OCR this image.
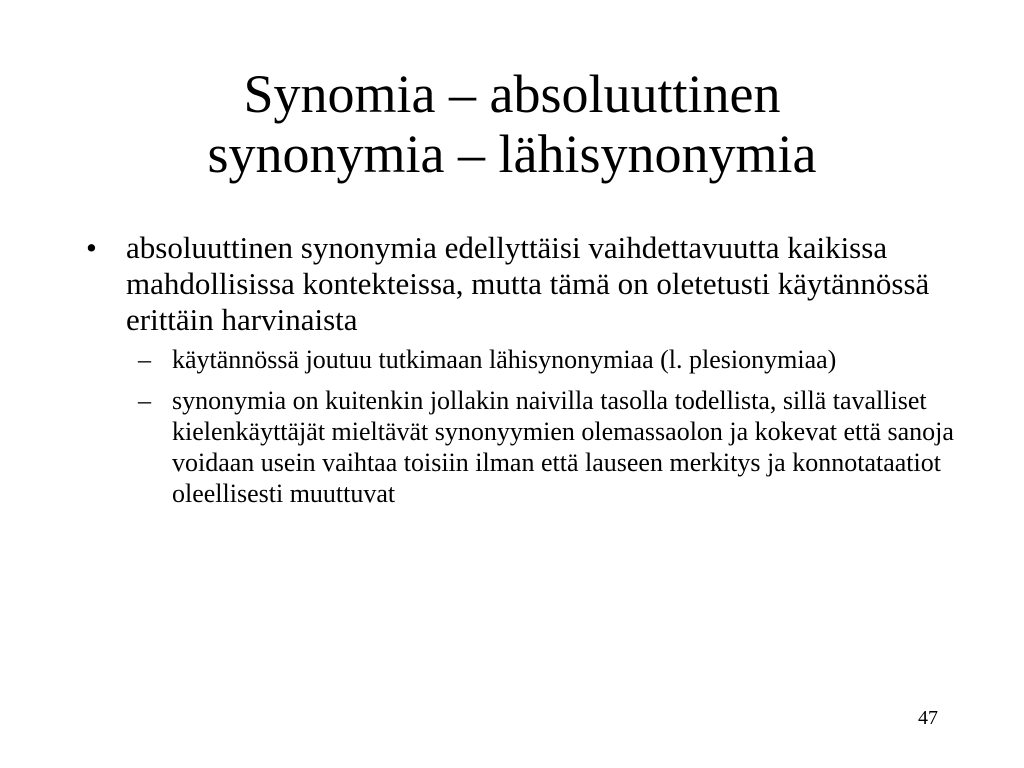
Synomia – absoluuttinen
synonymia – lähisynonymia
• absoluuttinen synonymia edellyttäisi vaihdettavuutta kaikissa mahdollisissa kontekteissa, mutta tämä on oletetusti käytännössä erittäin harvinaista
– käytännössä joutuu tutkimaan lähisynonymiaa (l. plesionymiaa)
– synonymia on kuitenkin jollakin naivilla tasolla todellista, sillä tavalliset kielenkäyttäjät mieltävät synonyymien olemassaolon ja kokevat että sanoja voidaan usein vaihtaa toisiin ilman että lauseen merkitys ja konnotataatiot oleellisesti muuttuvat
47
